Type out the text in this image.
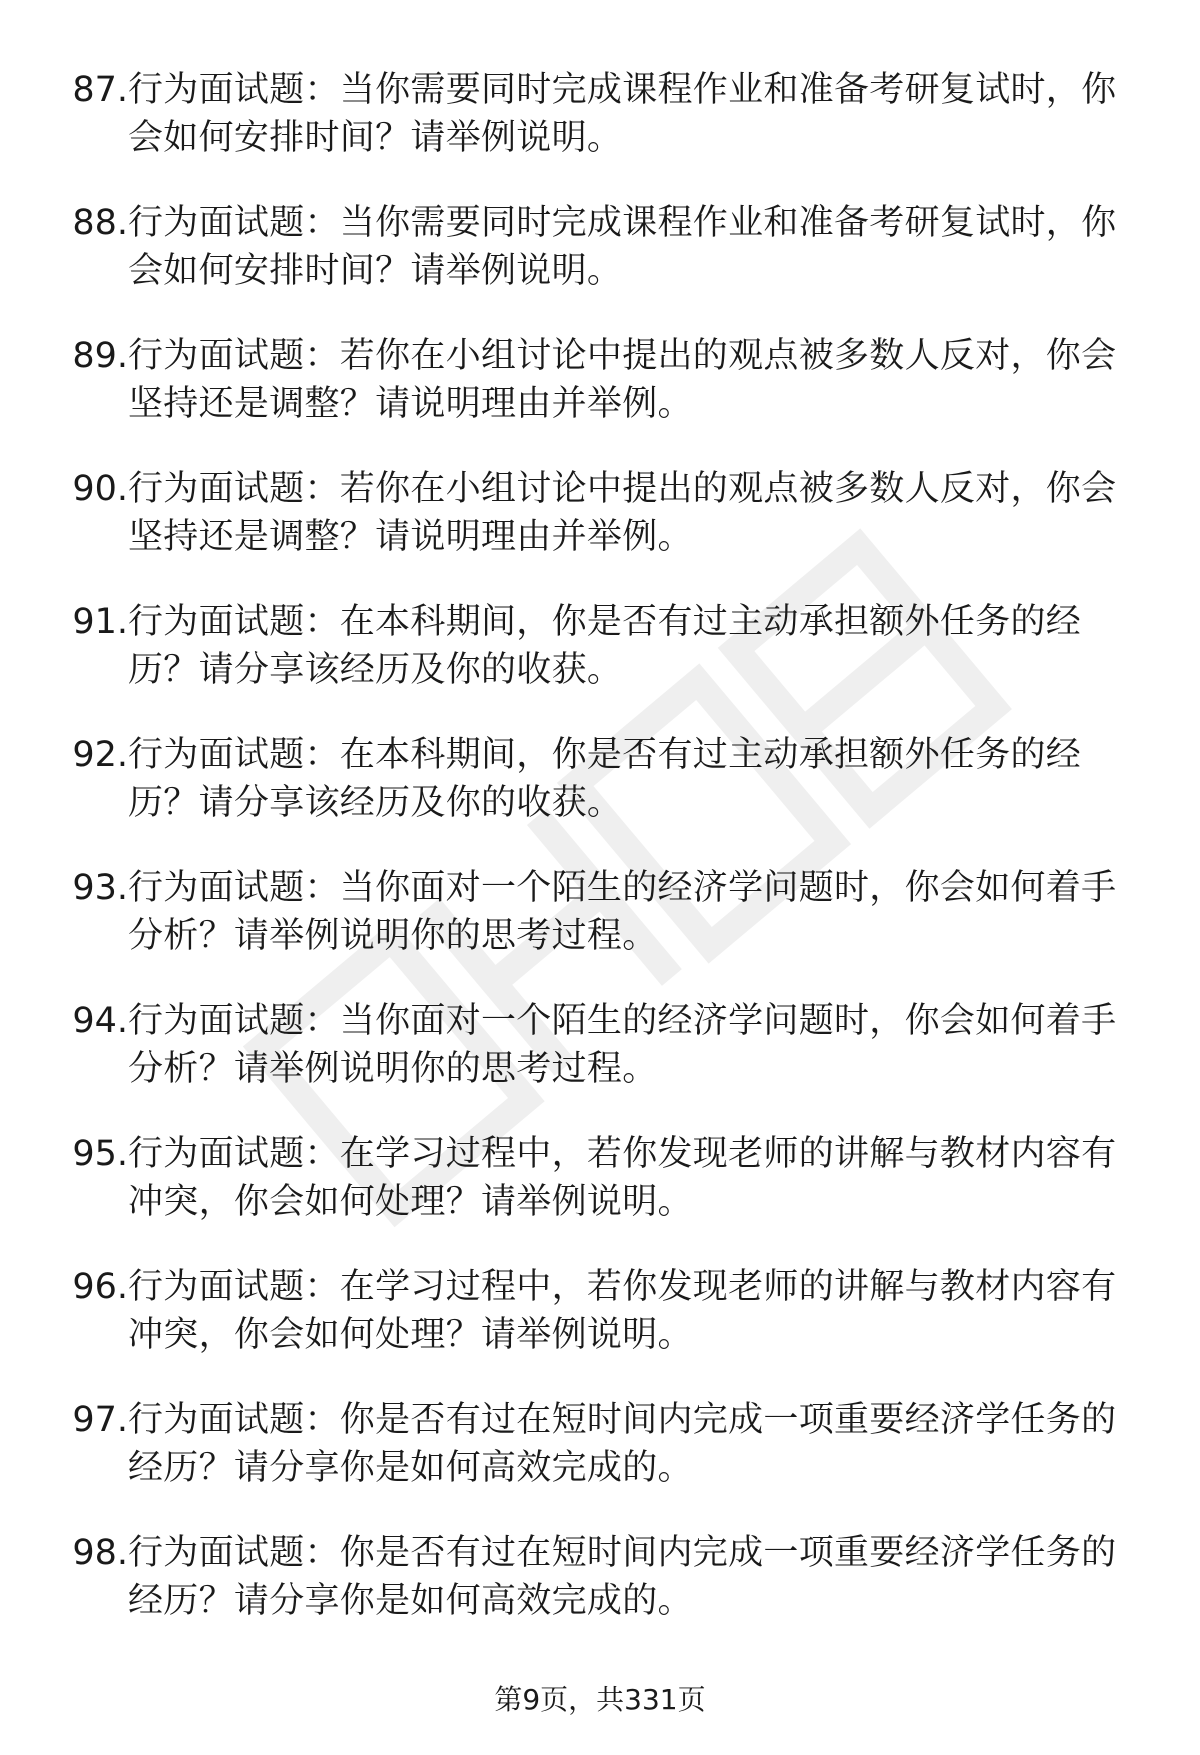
87. 行为面试题：当你需要同时完成课程作业和准备考研复试时，你会如何安排时间？请举例说明。
88. 行为面试题：当你需要同时完成课程作业和准备考研复试时，你会如何安排时间？请举例说明。
89. 行为面试题：若你在小组讨论中提出的观点被多数人反对，你会坚持还是调整？请说明理由并举例。
90. 行为面试题：若你在小组讨论中提出的观点被多数人反对，你会坚持还是调整？请说明理由并举例。
91. 行为面试题：在本科期间，你是否有过主动承担额外任务的经历？请分享该经历及你的收获。
92. 行为面试题：在本科期间，你是否有过主动承担额外任务的经历？请分享该经历及你的收获。
93. 行为面试题：当你面对一个陌生的经济学问题时，你会如何着手分析？请举例说明你的思考过程。
94. 行为面试题：当你面对一个陌生的经济学问题时，你会如何着手分析？请举例说明你的思考过程。
95. 行为面试题：在学习过程中，若你发现老师的讲解与教材内容有冲突，你会如何处理？请举例说明。
96. 行为面试题：在学习过程中，若你发现老师的讲解与教材内容有冲突，你会如何处理？请举例说明。
97. 行为面试题：你是否有过在短时间内完成一项重要经济学任务的经历？请分享你是如何高效完成的。
98. 行为面试题：你是否有过在短时间内完成一项重要经济学任务的经历？请分享你是如何高效完成的。
第9页，共331页
